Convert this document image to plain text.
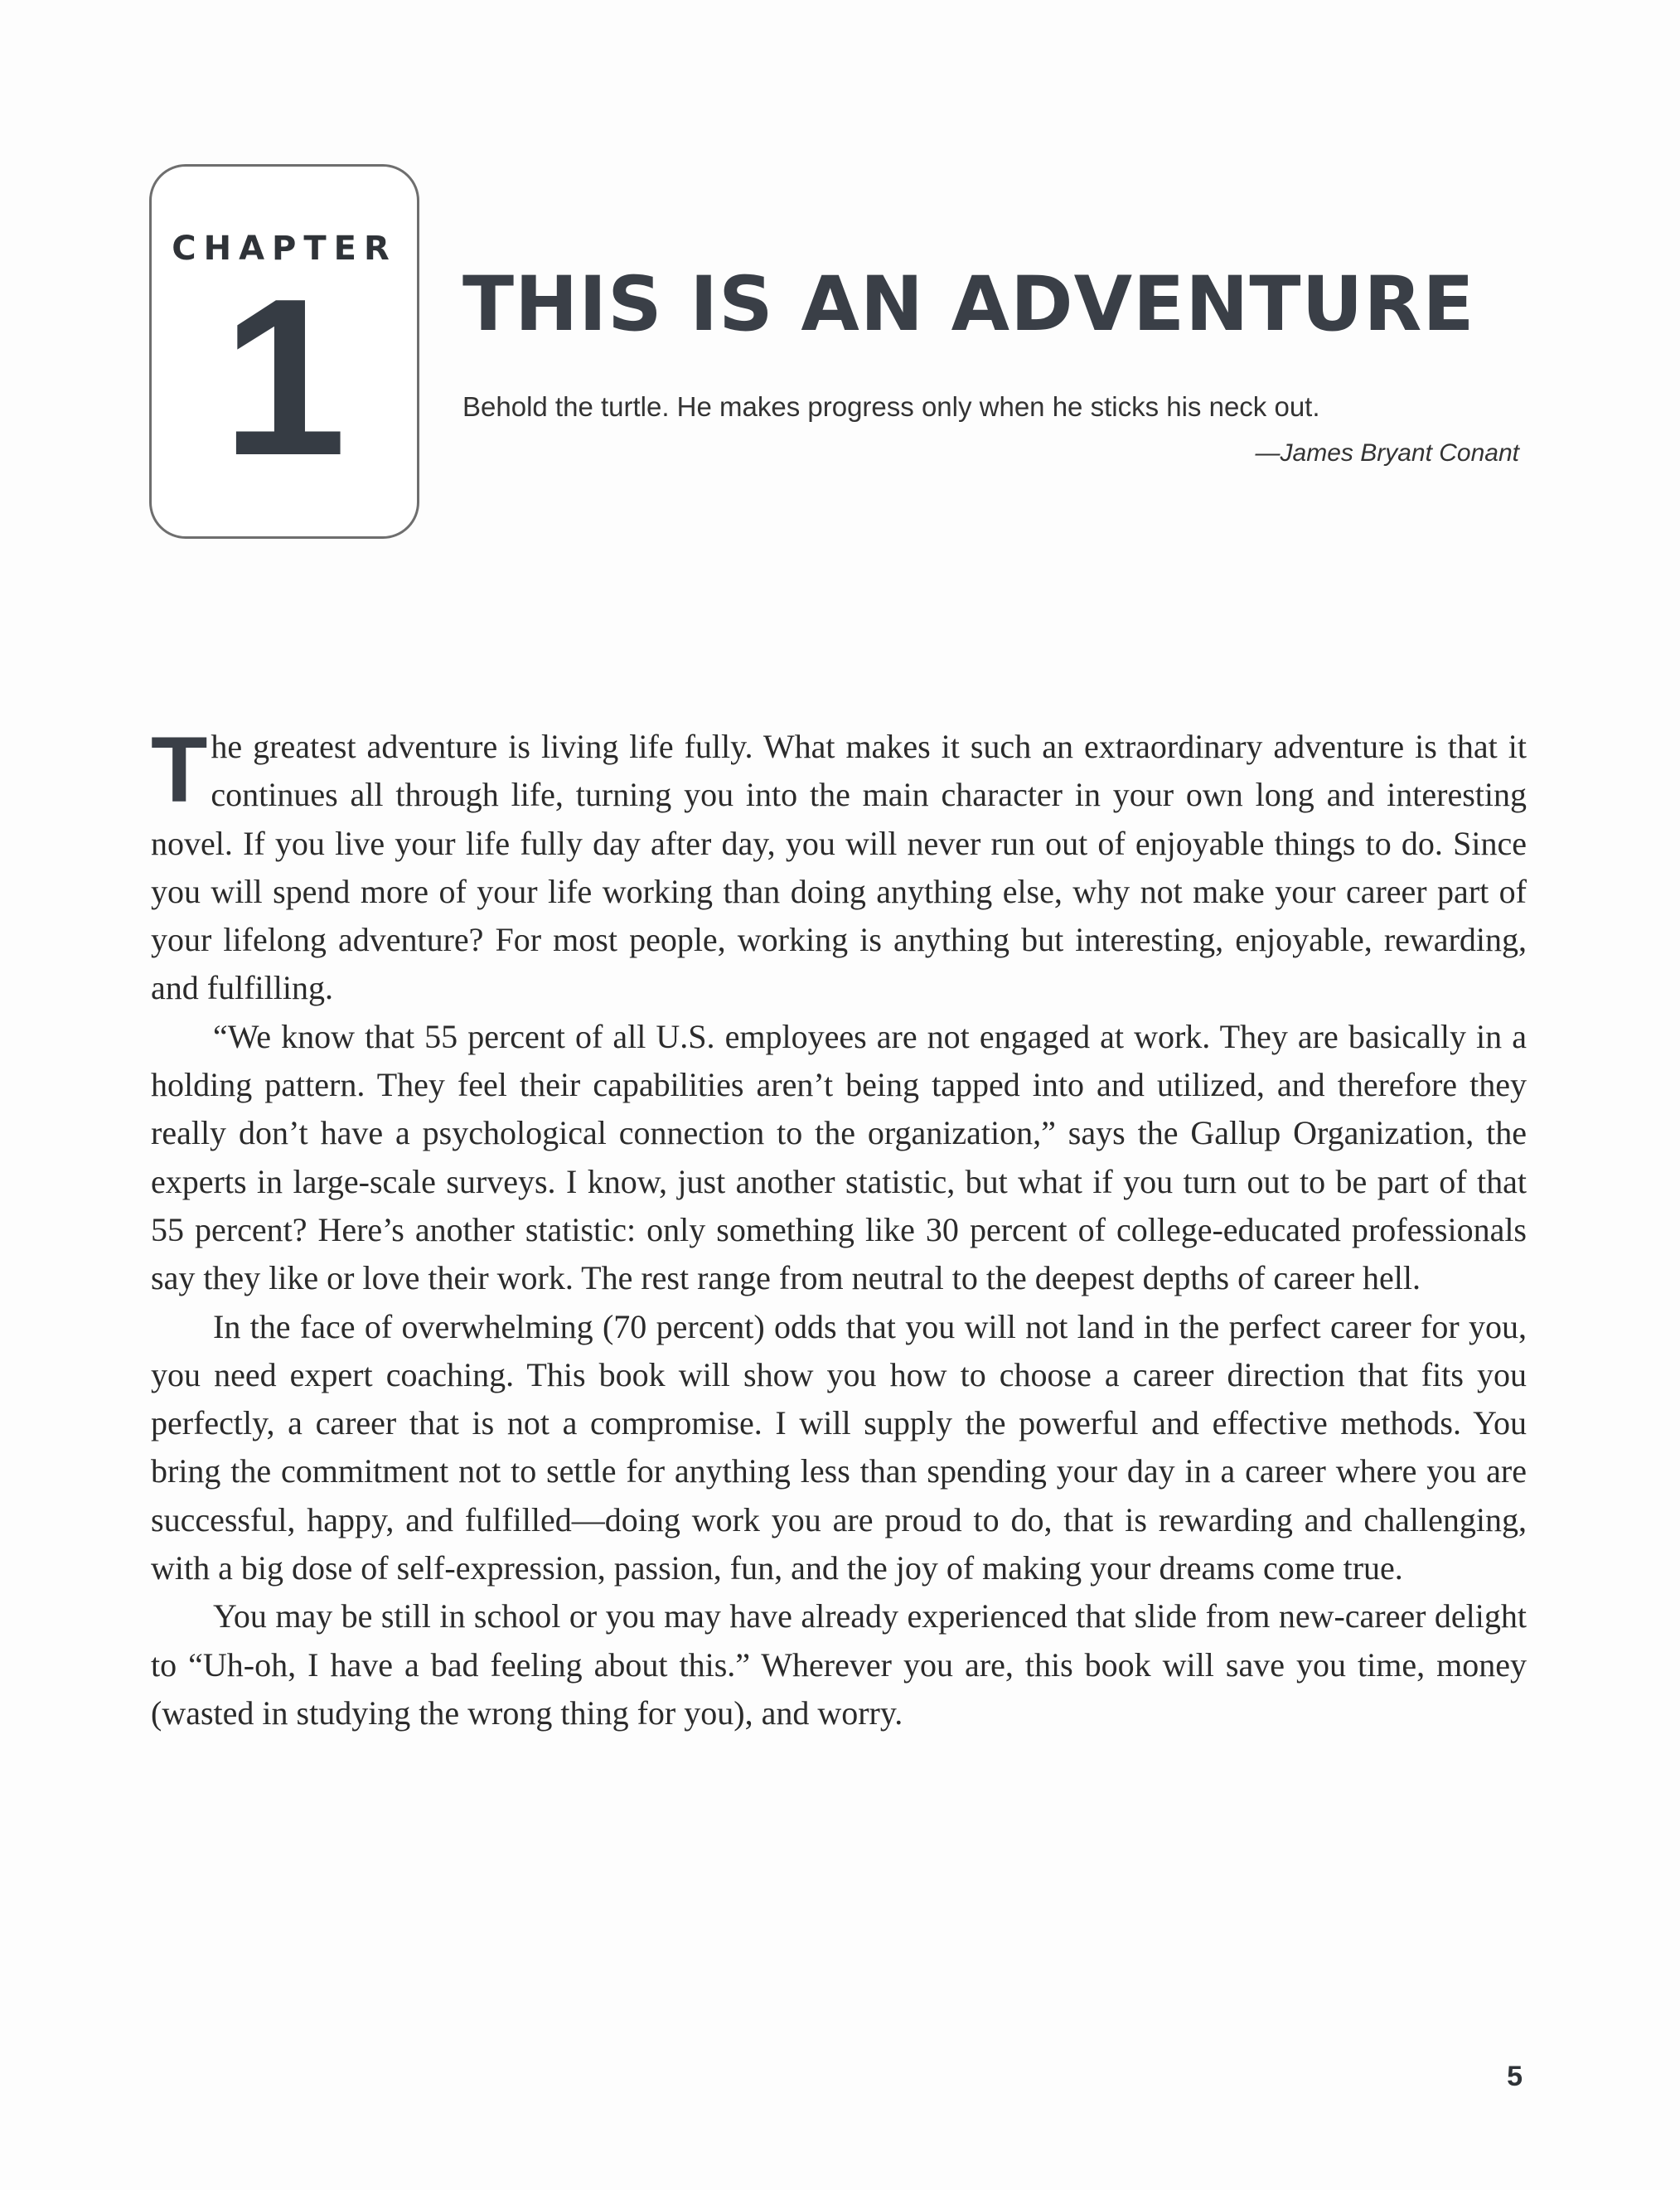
CHAPTER
1	THIS IS AN ADVENTURE

Behold the turtle. He makes progress only when he sticks his neck out.

—James Bryant Conant

The greatest adventure is living life fully. What makes it such an extraordinary adventure is that it continues all through life, turning you into the main character in your own long and interesting novel. If you live your life fully day after day, you will never run out of enjoyable things to do. Since you will spend more of your life working than doing anything else, why not make your career part of your lifelong adventure? For most people, working is anything but interesting, enjoyable, rewarding, and fulfilling.

“We know that 55 percent of all U.S. employees are not engaged at work. They are basically in a holding pattern. They feel their capabilities aren’t being tapped into and utilized, and therefore they really don’t have a psychological connection to the organization,” says the Gallup Organization, the experts in large-scale surveys. I know, just another statistic, but what if you turn out to be part of that 55 percent? Here’s another statistic: only something like 30 percent of college-educated professionals say they like or love their work. The rest range from neutral to the deepest depths of career hell.

In the face of overwhelming (70 percent) odds that you will not land in the perfect career for you, you need expert coaching. This book will show you how to choose a career direction that fits you perfectly, a career that is not a compromise. I will supply the powerful and effective methods. You bring the commitment not to settle for anything less than spending your day in a career where you are successful, happy, and fulfilled—doing work you are proud to do, that is rewarding and challenging, with a big dose of self-expression, passion, fun, and the joy of making your dreams come true.

You may be still in school or you may have already experienced that slide from new-career delight to “Uh-oh, I have a bad feeling about this.” Wherever you are, this book will save you time, money (wasted in studying the wrong thing for you), and worry.

5
